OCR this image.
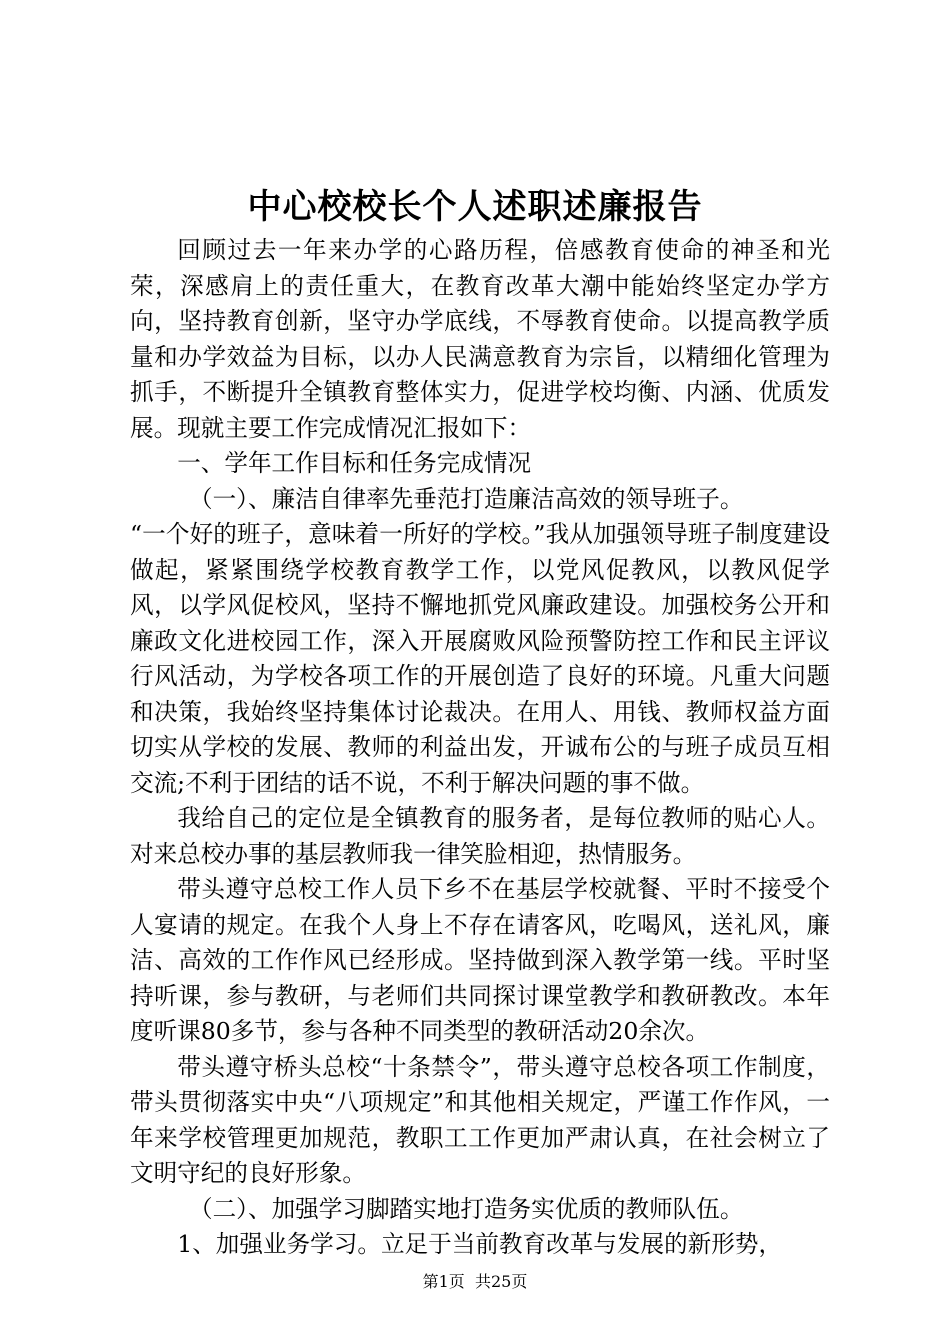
中心校校长个人述职述廉报告

回顾过去一年来办学的心路历程，倍感教育使命的神圣和光荣，深感肩上的责任重大，在教育改革大潮中能始终坚定办学方向，坚持教育创新，坚守办学底线，不辱教育使命。以提高教学质量和办学效益为目标，以办人民满意教育为宗旨，以精细化管理为抓手，不断提升全镇教育整体实力，促进学校均衡、内涵、优质发展。现就主要工作完成情况汇报如下：

一、学年工作目标和任务完成情况

（一）、廉洁自律率先垂范打造廉洁高效的领导班子。

“一个好的班子，意味着一所好的学校。”我从加强领导班子制度建设做起，紧紧围绕学校教育教学工作，以党风促教风，以教风促学风，以学风促校风，坚持不懈地抓党风廉政建设。加强校务公开和廉政文化进校园工作，深入开展腐败风险预警防控工作和民主评议行风活动，为学校各项工作的开展创造了良好的环境。凡重大问题和决策，我始终坚持集体讨论裁决。在用人、用钱、教师权益方面切实从学校的发展、教师的利益出发，开诚布公的与班子成员互相交流;不利于团结的话不说，不利于解决问题的事不做。

我给自己的定位是全镇教育的服务者，是每位教师的贴心人。对来总校办事的基层教师我一律笑脸相迎，热情服务。

带头遵守总校工作人员下乡不在基层学校就餐、平时不接受个人宴请的规定。在我个人身上不存在请客风，吃喝风，送礼风，廉洁、高效的工作作风已经形成。坚持做到深入教学第一线。平时坚持听课，参与教研，与老师们共同探讨课堂教学和教研教改。本年度听课80多节，参与各种不同类型的教研活动20余次。

带头遵守桥头总校“十条禁令”，带头遵守总校各项工作制度，带头贯彻落实中央“八项规定”和其他相关规定，严谨工作作风，一年来学校管理更加规范，教职工工作更加严肃认真，在社会树立了文明守纪的良好形象。

（二）、加强学习脚踏实地打造务实优质的教师队伍。

1、加强业务学习。立足于当前教育改革与发展的新形势，

第1页 共25页
